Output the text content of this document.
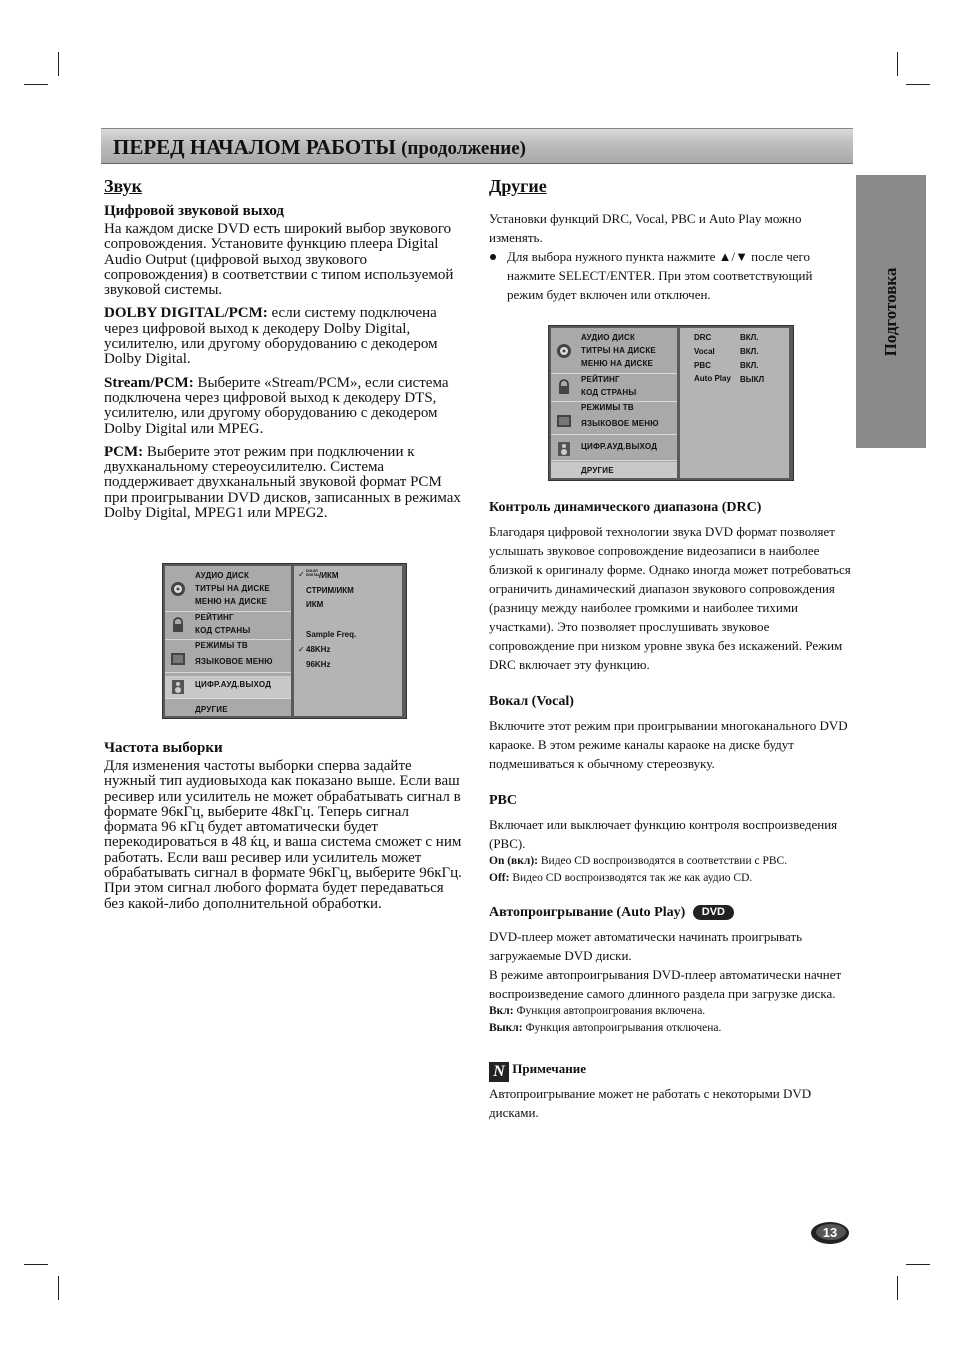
ПЕРЕД НАЧАЛОМ РАБОТЫ (продолжение)
Подготовка
Звук
Цифровой звуковой выход

На каждом диске DVD есть широкий выбор звукового сопровождения. Установите функцию плеера Digital Audio Output (цифровой выход звукового сопровождения) в соответствии с типом используемой звуковой системы.

DOLBY DIGITAL/PCM: если систему подключена через цифровой выход к декодеру Dolby Digital, усилителю, или другому оборудованию с декодером Dolby Digital.

Stream/PCM: Выберите «Stream/PCM», если система подключена через цифровой выход к декодеру DTS, усилителю, или другому оборудованию с декодером Dolby Digital или MPEG.

PCM: Выберите этот режим при подключении к двухканальному стереоусилителю. Система поддерживает двухканальный звуковой формат PCM при проигрывании DVD дисков, записанных в режимах Dolby Digital, MPEG1 или MPEG2.

АУДИО ДИСК
ТИТРЫ НА ДИСКЕ
МЕНЮ НА ДИСКЕ
РЕЙТИНГ
КОД СТРАНЫ
РЕЖИМЫ ТВ
ЯЗЫКОВОЕ МЕНЮ
ЦИФР.АУД.ВЫХОД
ДРУГИЕ
✓ DOLBY DIGITAL /ИКМ
СТРИМ/ИКМ
ИКМ
Sample Freq.
✓ 48KHz
96KHz
Частота выборки

Для изменения частоты выборки сперва задайте нужный тип аудиовыхода как показано выше. Если ваш ресивер или усилитель не может обрабатывать сигнал в формате 96кГц, выберите 48кГц. Теперь сигнал формата 96 кГц будет автоматически будет перекодироваться в 48 ќц, и ваша система сможет с ним работать. Если ваш ресивер или усилитель может обрабатывать сигнал в формате 96кГц, выберите 96кГц. При этом сигнал любого формата будет передаваться без какой-либо дополнительной обработки.

Другие

Установки функций DRC, Vocal, PBC и Auto Play можно изменять.

Для выбора нужного пункта нажмите ▲/▼ после чего нажмите SELECT/ENTER. При этом соответствующий режим будет включен или отключен.
АУДИО ДИСК
ТИТРЫ НА ДИСКЕ
МЕНЮ НА ДИСКЕ
РЕЙТИНГ
КОД СТРАНЫ
РЕЖИМЫ ТВ
ЯЗЫКОВОЕ МЕНЮ
ЦИФР.АУД.ВЫХОД
ДРУГИЕ
DRC	ВКЛ.
Vocal	ВКЛ.
PBC	ВКЛ.
Auto Play ВЫКЛ
Контроль динамического диапазона (DRC)

Благодаря цифровой технологии звука DVD формат позволяет услышать звуковое сопровождение видеозаписи в наиболее близкой к оригиналу форме. Однако иногда может потребоваться ограничить динамический диапазон звукового сопровождения (разницу между наиболее громкими и наиболее тихими участками). Это позволяет прослушивать звуковое сопровождение при низком уровне звука без искажений. Режим DRC включает эту функцию.

Вокал (Vocal)

Включите этот режим при проигрывании многоканального DVD караоке. В этом режиме каналы караоке на диске будут подмешиваться к обычному стереозвуку.

PBC

Включает или выключает функцию контроля воспроизведения (PBC).

On (вкл): Видео CD воспроизводятся в соответствии с PBC.

Off: Видео CD воспроизводятся так же как аудио CD.

Автопроигрывание (Auto Play) DVD

DVD-плеер может автоматически начинать проигрывать загружаемые DVD диски.

В режиме автопроигрывания DVD-плеер автоматически начнет воспроизведение самого длинного раздела при загрузке диска.

Вкл: Функция автопроигрования включена.

Выкл: Функция автопроигрывания отключена.

N Примечание

Автопроигрывание может не работать с некоторыми DVD дисками.

13
